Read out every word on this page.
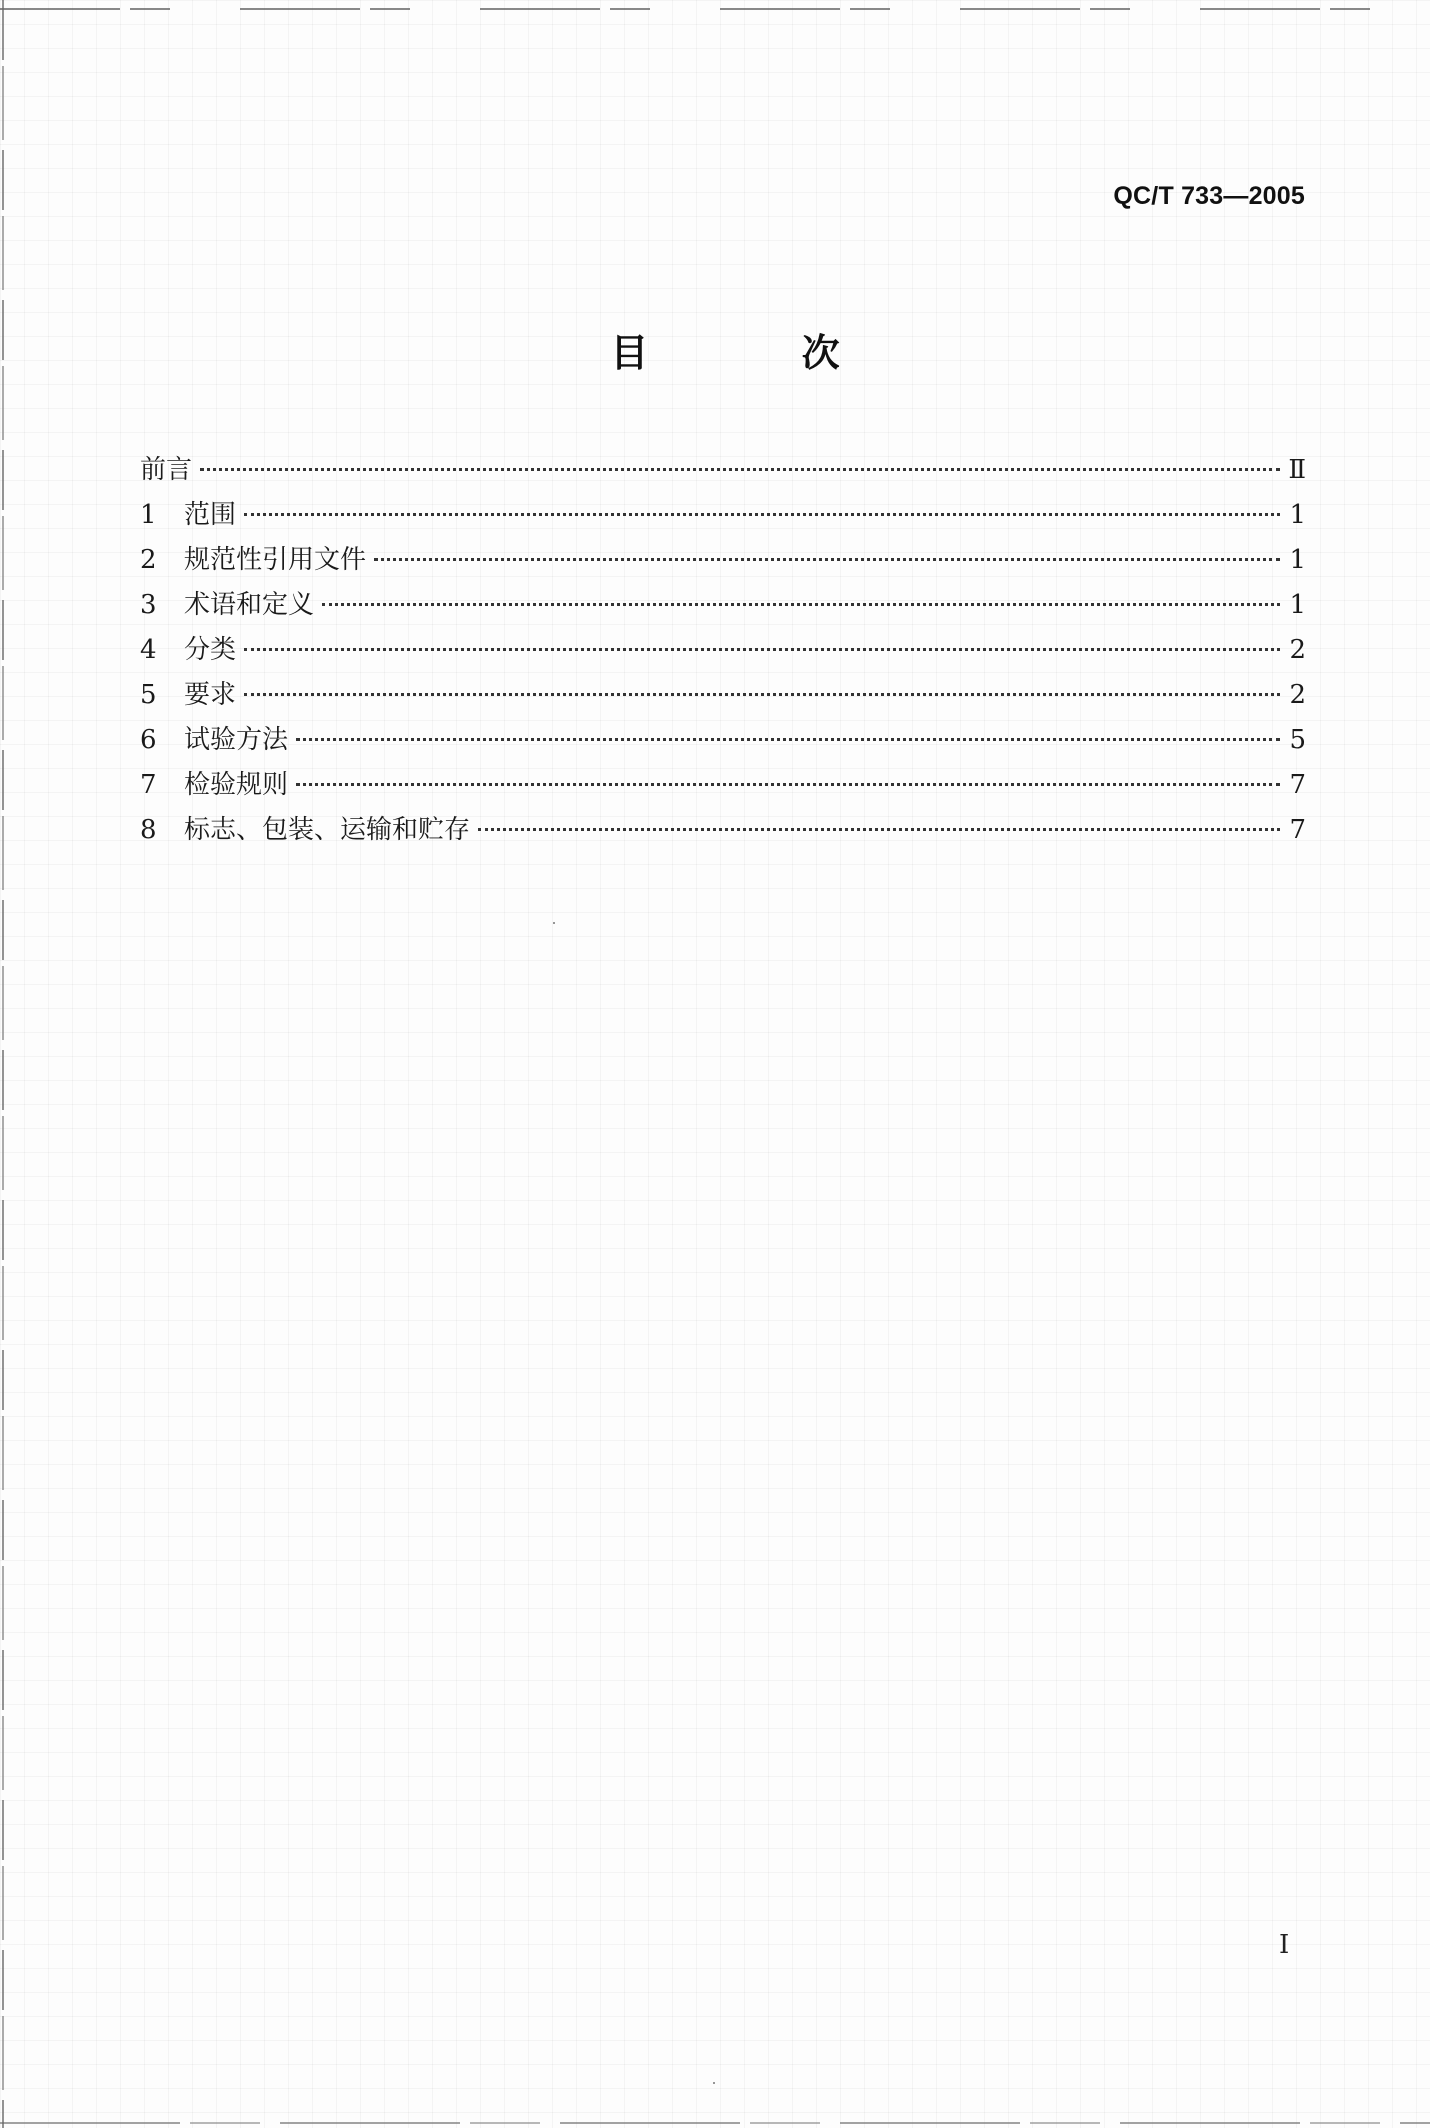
QC/T 733—2005
目 次
前言	Ⅱ
1	范围	1
2	规范性引用文件	1
3	术语和定义	1
4	分类	2
5	要求	2
6	试验方法	5
7	检验规则	7
8	标志、包装、运输和贮存	7
I
